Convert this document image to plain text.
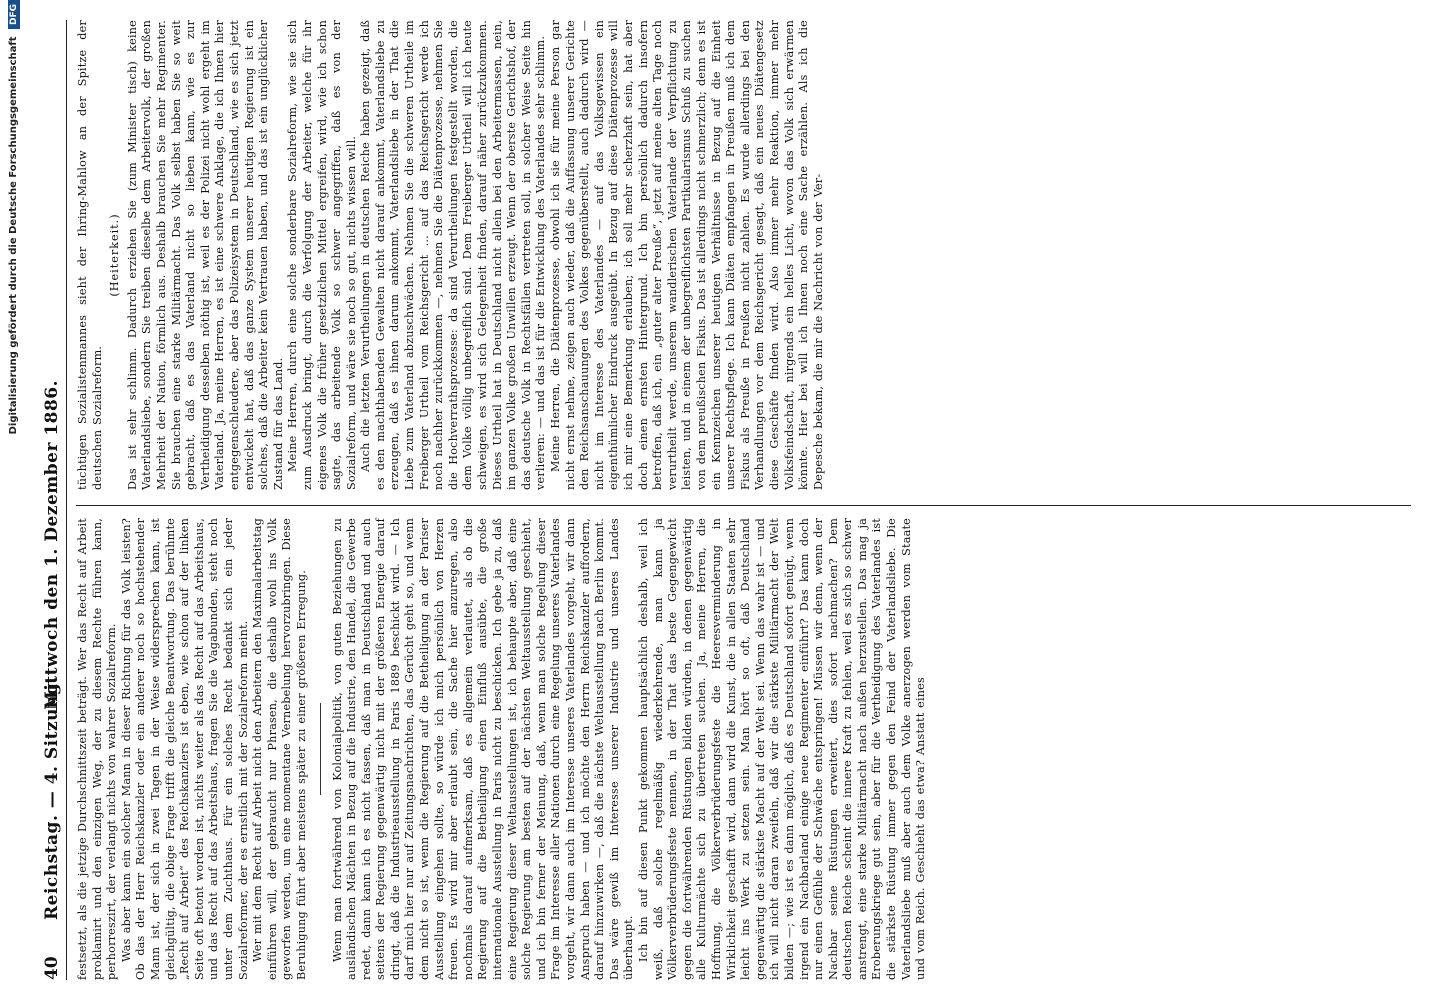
Digitalisierung gefördert durch die Deutsche Forschungsgemeinschaft DFG
40
Reichstag. — 4. Sitzung.
Mittwoch den 1. Dezember 1886. festsetzt, als die jetzige Durchschnittszeit beträgt. Wer das Recht auf Arbeit proklamirt und den einzigen Weg, der zu diesem Rechte führen kann, perhorreszirt, der verlangt nichts von wahrer Sozialreform. Was aber kann ein solcher Mann in dieser Richtung für das Volk leisten? Ob das der Herr Reichskanzler oder ein anderer noch so hochstehender Mann ist, der sich in zwei Tagen in der Weise widersprechen kann, ist gleichgültig, die obige Frage trifft die gleiche Beantwortung. Das berühmte „Recht auf Arbeit“ des Reichskanzlers ist eben, wie schon auf der linken Seite oft betont worden ist, nichts weiter als das Recht auf das Arbeitshaus, und das Recht auf das Arbeitshaus, fragen Sie die Vagabunden, steht noch unter dem Zuchthaus. Für ein solches Recht bedankt sich ein jeder Sozialreformer, der es ernstlich mit der Sozialreform meint. Wer mit dem Recht auf Arbeit nicht den Arbeitern den Maximalarbeitstag einführen will, der gebraucht nur Phrasen, die deshalb wohl ins Volk geworfen werden, um eine momentane Vernebelung hervorzubringen. Diese Beruhigung führt aber meistens später zu einer größeren Erregung. Wenn man fortwährend von Kolonialpolitik, von guten Beziehungen zu ausländischen Mächten in Bezug auf die Industrie, den Handel, die Gewerbe redet, dann kann ich es nicht fassen, daß man in Deutschland und auch seitens der Regierung gegenwärtig nicht mit der größeren Energie darauf dringt, daß die Industrieausstellung in Paris 1889 beschickt wird. — Ich darf mich hier nur auf Zeitungsnachrichten, das Gerücht geht so, und wenn dem nicht so ist, wenn die Regierung auf die Betheiligung an der Pariser Ausstellung eingehen sollte, so würde ich mich persönlich von Herzen freuen. Es wird mir aber erlaubt sein, die Sache hier anzuregen, also nochmals darauf aufmerksam, daß es allgemein verlautet, als ob die Regierung auf die Betheiligung einen Einfluß ausübte, die große internationale Ausstellung in Paris nicht zu beschicken. Ich gebe ja zu, daß eine Regierung dieser Weltausstellungen ist, ich behaupte aber, daß eine solche Regierung am besten auf der nächsten Weltausstellung geschieht, und ich bin ferner der Meinung, daß, wenn man solche Regelung dieser Frage im Interesse aller Nationen durch eine Regelung unseres Vaterlandes vorgeht, wir dann auch im Interesse unseres Vaterlandes vorgeht, wir dann Anspruch haben — und ich möchte den Herrn Reichskanzler auffordern, darauf hinzuwirken —, daß die nächste Weltausstellung nach Berlin kommt. Das wäre gewiß im Interesse unserer Industrie und unseres Landes überhaupt. Ich bin auf diesen Punkt gekommen hauptsächlich deshalb, weil ich weiß, daß solche regelmäßig wiederkehrende, man kann ja Völkerverbrüderungsfeste nennen, in der That das beste Gegengewicht gegen die fortwährenden Rüstungen bilden würden, in denen gegenwärtig alle Kulturmächte sich zu übertreten suchen. Ja, meine Herren, die Hoffnung, die Völkerverbrüderungsfeste die Heeresverminderung in Wirklichkeit geschafft wird, dann wird die Kunst, die in allen Staaten sehr leicht ins Werk zu setzen sein. Man hört so oft, daß Deutschland gegenwärtig die stärkste Macht auf der Welt sei. Wenn das wahr ist — und ich will nicht daran zweifeln, daß wir die stärkste Militärmacht der Welt bilden —; wie ist es dann möglich, daß es Deutschland sofort genügt, wenn irgend ein Nachbarland einige neue Regimenter einführt? Das kann doch nur einen Gefühle der Schwäche entspringen! Müssen wir denn, wenn der Nachbar seine Rüstungen erweitert, dies sofort nachmachen? Dem deutschen Reiche scheint die innere Kraft zu fehlen, weil es sich so schwer anstrengt, eine starke Militärmacht nach außen herzustellen. Das mag ja Eroberungskriege gut sein, aber für die Vertheidigung des Vaterlandes ist die stärkste Rüstung immer gegen den Feind der Vaterlandsliebe. Die Vaterlandsliebe muß aber auch dem Volke anerzogen werden vom Staate und vom Reich. Geschieht das etwa? Anstatt eines

tüchtigen Sozialistenmannes sieht der Ihring-Mahlow an der Spitze der deutschen Sozialreform.

(Heiterkeit.) Das ist sehr schlimm. Dadurch erziehen Sie (zum Minister tisch) keine Vaterlandsliebe, sondern Sie treiben dieselbe dem Arbeitervolk, der großen Mehrheit der Nation, förmlich aus. Deshalb brauchen Sie mehr Regimenter. Sie brauchen eine starke Militärmacht. Das Volk selbst haben Sie so weit gebracht, daß es das Vaterland nicht so lieben kann, wie es zur Vertheidigung desselben nöthig ist, weil es der Polizei nicht wohl ergeht im Vaterland. Ja, meine Herren, es ist eine schwere Anklage, die ich Ihnen hier entgegenschleudere, aber das Polizeisystem in Deutschland, wie es sich jetzt entwickelt hat, daß das ganze System unserer heutigen Regierung ist ein solches, daß die Arbeiter kein Vertrauen haben, und das ist ein unglücklicher Zustand für das Land. Meine Herren, durch eine solche sonderbare Sozialreform, wie sie sich zum Ausdruck bringt, durch die Verfolgung der Arbeiter, welche für ihr eigenes Volk die früher gesetzlichen Mittel ergreifen, wird, wie ich schon sagte, das arbeitende Volk so schwer angegriffen, daß es von der Sozialreform, und wäre sie noch so gut, nichts wissen will. Auch die letzten Verurtheilungen in deutschen Reiche haben gezeigt, daß es den machthabenden Gewalten nicht darauf ankommt, Vaterlandsliebe zu erzeugen, daß es ihnen darum ankommt, Vaterlandsliebe in der That die Liebe zum Vaterland abzuschwächen. Nehmen Sie die schweren Urtheile im Freiberger Urtheil vom Reichsgericht ... auf das Reichsgericht werde ich noch nachher zurückkommen —, nehmen Sie die Diätenprozesse, nehmen Sie die Hochverrathsprozesse: da sind Verurtheilungen festgestellt worden, die dem Volke völlig unbegreiflich sind. Dem Freiberger Urtheil will ich heute schweigen, es wird sich Gelegenheit finden, darauf näher zurückzukommen. Dieses Urtheil hat in Deutschland nicht allein bei den Arbeitermassen, nein, im ganzen Volke großen Unwillen erzeugt. Wenn der oberste Gerichtshof, der das deutsche Volk in Rechtsfällen vertreten soll, in solcher Weise Seite hin verlieren: — und das ist für die Entwicklung des Vaterlandes sehr schlimm. Meine Herren, die Diätenprozesse, obwohl ich sie für meine Person gar nicht ernst nehme, zeigen auch wieder, daß die Auffassung unserer Gerichte den Reichsanschauungen des Volkes gegenüberstellt, auch dadurch wird — nicht im Interesse des Vaterlandes — auf das Volksgewissen ein eigenthümlicher Eindruck ausgeübt. In Bezug auf diese Diätenprozesse will ich mir eine Bemerkung erlauben; ich soll mehr scherzhaft sein, hat aber doch einen ernsten Hintergrund. Ich bin persönlich dadurch insofern betroffen, daß ich, ein „guter alter Preuße“, jetzt auf meine alten Tage noch verurtheilt werde, unserem wandlerischen Vaterlande der Verpflichtung zu leisten, und in einem der unbegreiflichsten Partikularismus Schuß zu suchen von dem preußischen Fiskus. Das ist allerdings nicht schmerzlich; denn es ist ein Kennzeichen unserer heutigen Verhältnisse in Bezug auf die Einheit unserer Rechtspflege. Ich kann Diäten empfangen in Preußen muß ich dem Fiskus als Preuße in Preußen nicht zahlen. Es wurde allerdings bei den Verhandlungen vor dem Reichsgericht gesagt, daß ein neues Diätengesetz diese Geschäfte finden wird. Also immer mehr Reaktion, immer mehr Volksfeindschaft, nirgends ein helles Licht, wovon das Volk sich erwärmen könnte. Hier bei will ich Ihnen noch eine Sache erzählen. Als ich die Depesche bekam, die mir die Nachricht von der Ver-
